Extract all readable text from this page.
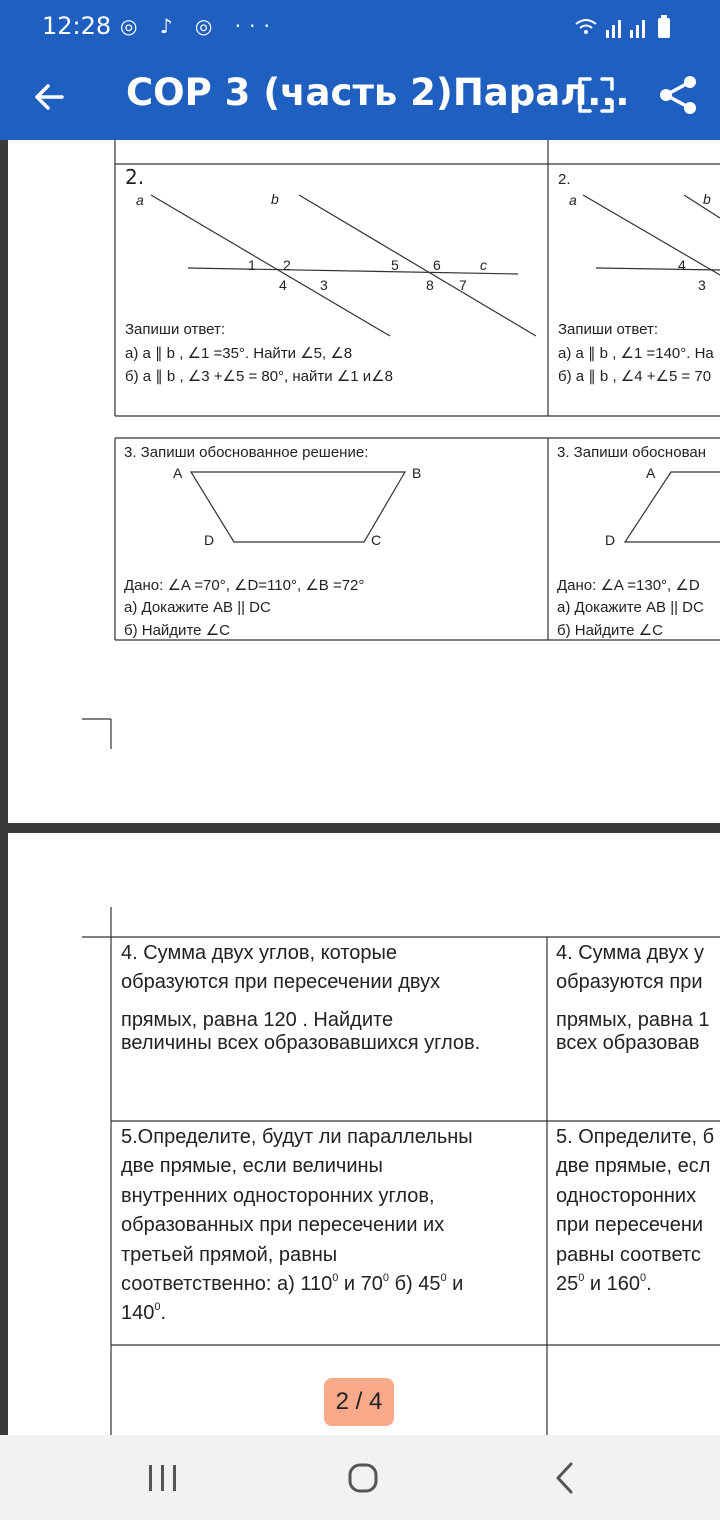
12:28 ◎ ♪ ◎ ···
СОР 3 (часть 2)Парал...
2.
a	b
c
1 2
3
4
5 6
7
8
Запиши ответ:
а) a ∥ b , ∠1 =35°. Найти ∠5, ∠8
б) a ∥ b , ∠3 +∠5 = 80°, найти ∠1 и∠8
2.
a	b
4
3
Запиши ответ:
а) a ∥ b , ∠1 =140°. На
б) a ∥ b , ∠4 +∠5 = 70
3. Запиши обоснованное решение:
A	B
C
D
Дано: ∠A =70°, ∠D=110°, ∠B =72°
а) Докажите AB || DC
б) Найдите ∠C
3. Запиши обоснован
A
D
Дано: ∠A =130°, ∠D
а) Докажите AB || DC
б) Найдите ∠C
4. Сумма двух углов, которые
образуются при пересечении двух
прямых, равна 120 . Найдите
величины всех образовавшихся углов.
4. Сумма двух у
образуются при
прямых, равна 1
всех образовав
5.Определите, будут ли параллельны
две прямые, если величины
внутренних односторонних углов,
образованных при пересечении их
третьей прямой, равны
соответственно: а) $110^0$ и $70^0$ б) $45^0$ и
$140^0$.
5. Определите, б
две прямые, есл
односторонних
при пересечени
равны соответс
$25^0$ и $160^0$.
2 / 4
